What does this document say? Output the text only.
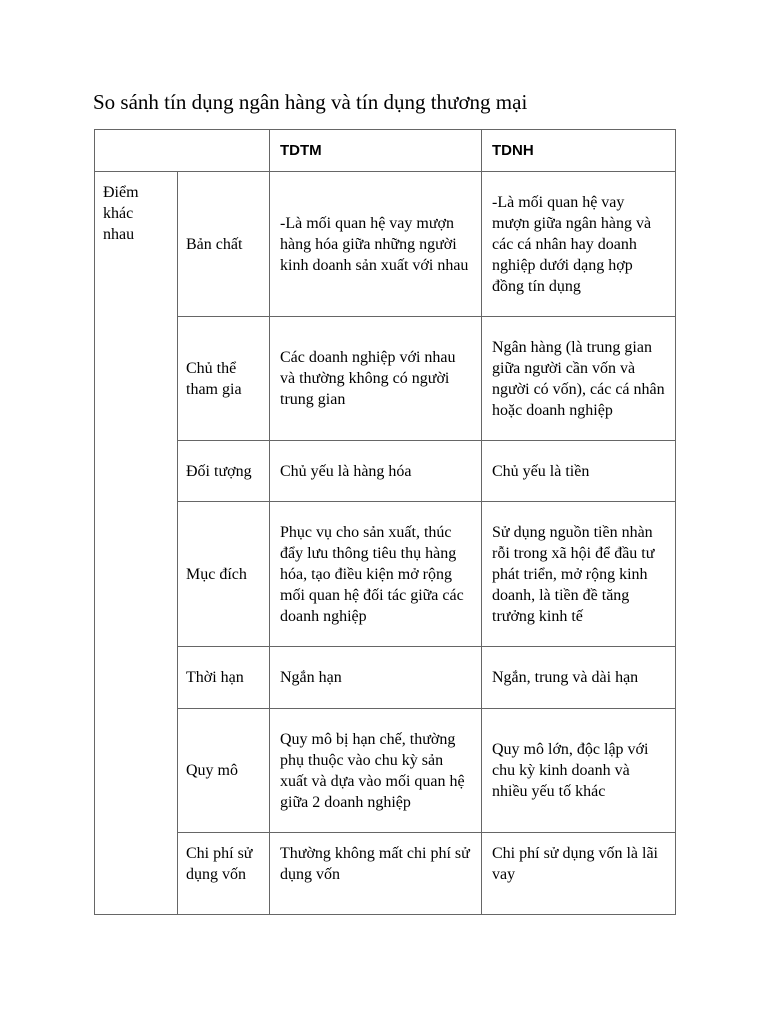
So sánh tín dụng ngân hàng và tín dụng thương mại
		TDTM	TDNH

Điểm khác nhau	Bản chất	-Là mối quan hệ vay mượn hàng hóa giữa những người kinh doanh sản xuất với nhau	-Là mối quan hệ vay mượn giữa ngân hàng và các cá nhân hay doanh nghiệp dưới dạng hợp đồng tín dụng

	Chủ thể tham gia	Các doanh nghiệp với nhau và thường không có người trung gian	Ngân hàng (là trung gian giữa người cần vốn và người có vốn), các cá nhân hoặc doanh nghiệp

	Đối tượng	Chủ yếu là hàng hóa	Chủ yếu là tiền

	Mục đích	Phục vụ cho sản xuất, thúc đẩy lưu thông tiêu thụ hàng hóa, tạo điều kiện mở rộng mối quan hệ đối tác giữa các doanh nghiệp	Sử dụng nguồn tiền nhàn rỗi trong xã hội để đầu tư phát triển, mở rộng kinh doanh, là tiền đề tăng trưởng kinh tế

	Thời hạn	Ngắn hạn	Ngắn, trung và dài hạn

	Quy mô	Quy mô bị hạn chế, thường phụ thuộc vào chu kỳ sản xuất và dựa vào mối quan hệ giữa 2 doanh nghiệp	Quy mô lớn, độc lập với chu kỳ kinh doanh và nhiều yếu tố khác

	Chi phí sử dụng vốn	Thường không mất chi phí sử dụng vốn	Chi phí sử dụng vốn là lãi vay
